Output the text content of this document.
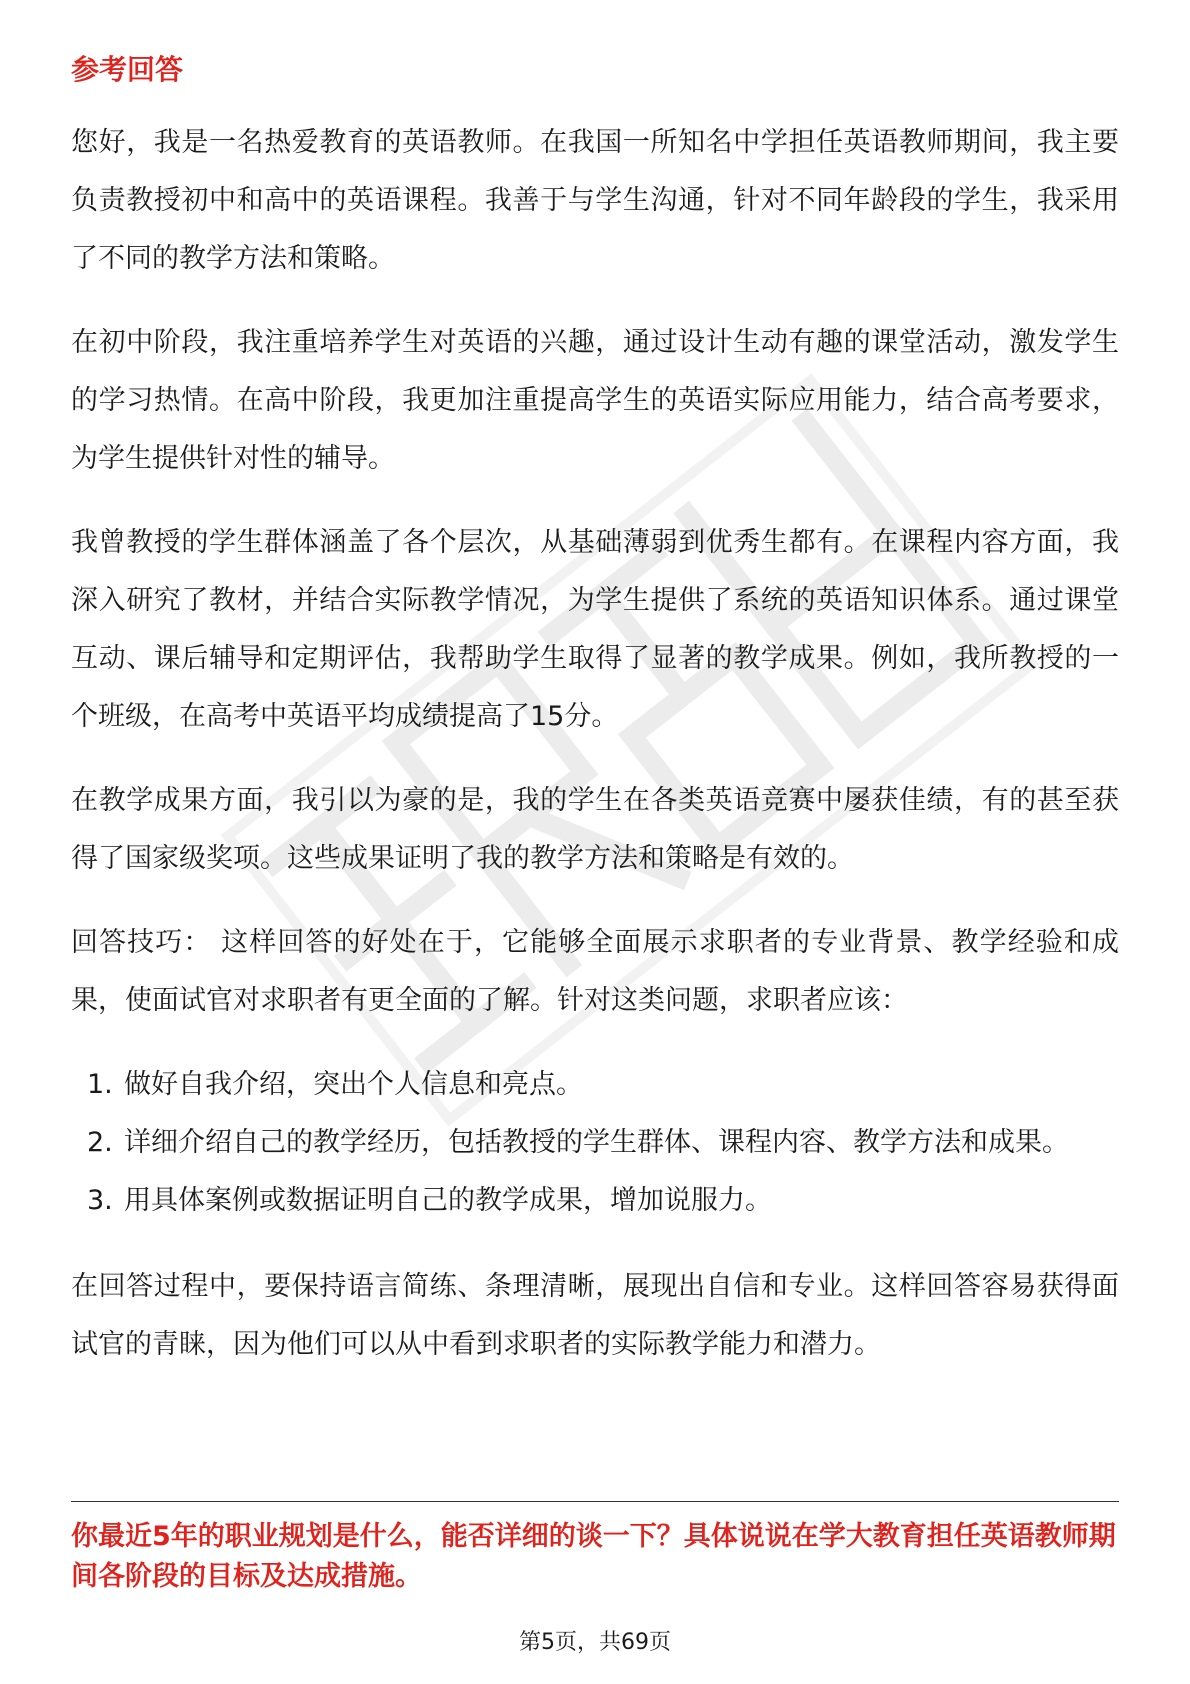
参考回答

您好，我是一名热爱教育的英语教师。在我国一所知名中学担任英语教师期间，我主要负责教授初中和高中的英语课程。我善于与学生沟通，针对不同年龄段的学生，我采用了不同的教学方法和策略。

在初中阶段，我注重培养学生对英语的兴趣，通过设计生动有趣的课堂活动，激发学生的学习热情。在高中阶段，我更加注重提高学生的英语实际应用能力，结合高考要求，为学生提供针对性的辅导。

我曾教授的学生群体涵盖了各个层次，从基础薄弱到优秀生都有。在课程内容方面，我深入研究了教材，并结合实际教学情况，为学生提供了系统的英语知识体系。通过课堂互动、课后辅导和定期评估，我帮助学生取得了显著的教学成果。例如，我所教授的一个班级，在高考中英语平均成绩提高了15分。

在教学成果方面，我引以为豪的是，我的学生在各类英语竞赛中屡获佳绩，有的甚至获得了国家级奖项。这些成果证明了我的教学方法和策略是有效的。

回答技巧： 这样回答的好处在于，它能够全面展示求职者的专业背景、教学经验和成果，使面试官对求职者有更全面的了解。针对这类问题，求职者应该：

1. 做好自我介绍，突出个人信息和亮点。
2. 详细介绍自己的教学经历，包括教授的学生群体、课程内容、教学方法和成果。
3. 用具体案例或数据证明自己的教学成果，增加说服力。

在回答过程中，要保持语言简练、条理清晰，展现出自信和专业。这样回答容易获得面试官的青睐，因为他们可以从中看到求职者的实际教学能力和潜力。

你最近5年的职业规划是什么，能否详细的谈一下？具体说说在学大教育担任英语教师期间各阶段的目标及达成措施。
第5页，共69页
